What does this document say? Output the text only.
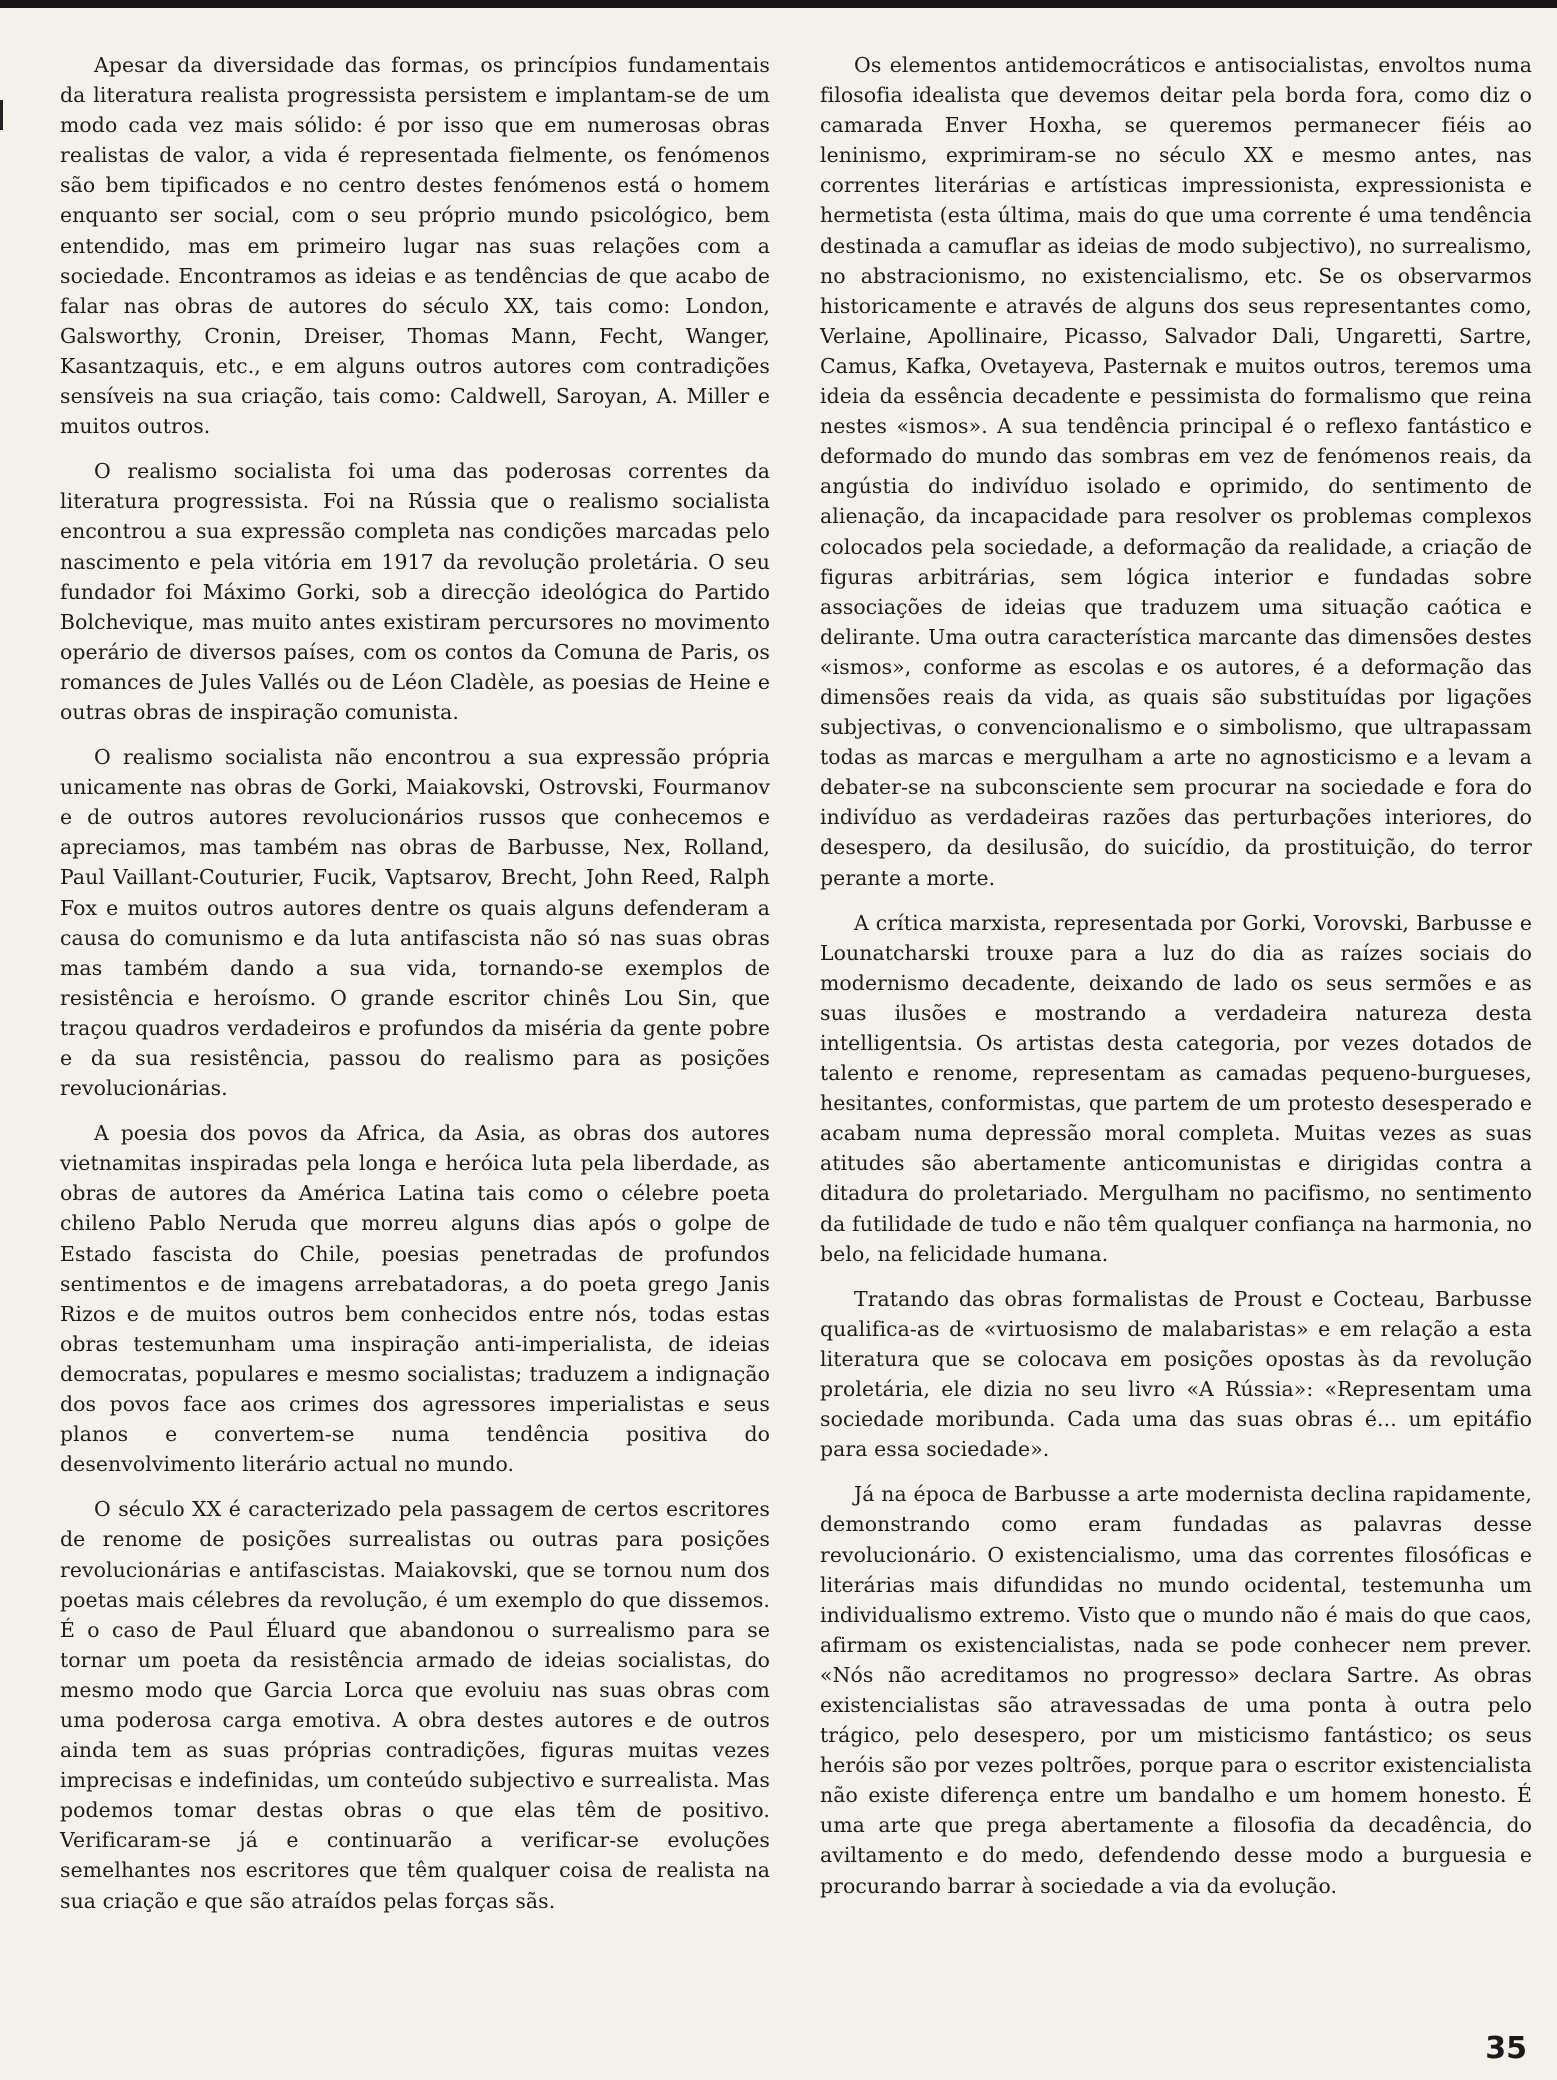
Apesar da diversidade das formas, os princípios fundamentais da literatura realista progressista persistem e implantam-se de um modo cada vez mais sólido: é por isso que em numerosas obras realistas de valor, a vida é representada fielmente, os fenómenos são bem tipificados e no centro destes fenómenos está o homem enquanto ser social, com o seu próprio mundo psicológico, bem entendido, mas em primeiro lugar nas suas relações com a sociedade. Encontramos as ideias e as tendências de que acabo de falar nas obras de autores do século XX, tais como: London, Galsworthy, Cronin, Dreiser, Thomas Mann, Fecht, Wanger, Kasantzaquis, etc., e em alguns outros autores com contradições sensíveis na sua criação, tais como: Caldwell, Saroyan, A. Miller e muitos outros.

O realismo socialista foi uma das poderosas correntes da literatura progressista. Foi na Rússia que o realismo socialista encontrou a sua expressão completa nas condições marcadas pelo nascimento e pela vitória em 1917 da revolução proletária. O seu fundador foi Máximo Gorki, sob a direcção ideológica do Partido Bolchevique, mas muito antes existiram percursores no movimento operário de diversos países, com os contos da Comuna de Paris, os romances de Jules Vallés ou de Léon Cladèle, as poesias de Heine e outras obras de inspiração comunista.

O realismo socialista não encontrou a sua expressão própria unicamente nas obras de Gorki, Maiakovski, Ostrovski, Fourmanov e de outros autores revolucionários russos que conhecemos e apreciamos, mas também nas obras de Barbusse, Nex, Rolland, Paul Vaillant-Couturier, Fucik, Vaptsarov, Brecht, John Reed, Ralph Fox e muitos outros autores dentre os quais alguns defenderam a causa do comunismo e da luta antifascista não só nas suas obras mas também dando a sua vida, tornando-se exemplos de resistência e heroísmo. O grande escritor chinês Lou Sin, que traçou quadros verdadeiros e profundos da miséria da gente pobre e da sua resistência, passou do realismo para as posições revolucionárias.

A poesia dos povos da Africa, da Asia, as obras dos autores vietnamitas inspiradas pela longa e heróica luta pela liberdade, as obras de autores da América Latina tais como o célebre poeta chileno Pablo Neruda que morreu alguns dias após o golpe de Estado fascista do Chile, poesias penetradas de profundos sentimentos e de imagens arrebatadoras, a do poeta grego Janis Rizos e de muitos outros bem conhecidos entre nós, todas estas obras testemunham uma inspiração anti-imperialista, de ideias democratas, populares e mesmo socialistas; traduzem a indignação dos povos face aos crimes dos agressores imperialistas e seus planos e convertem-se numa tendência positiva do desenvolvimento literário actual no mundo.

O século XX é caracterizado pela passagem de certos escritores de renome de posições surrealistas ou outras para posições revolucionárias e antifascistas. Maiakovski, que se tornou num dos poetas mais célebres da revolução, é um exemplo do que dissemos. É o caso de Paul Éluard que abandonou o surrealismo para se tornar um poeta da resistência armado de ideias socialistas, do mesmo modo que Garcia Lorca que evoluiu nas suas obras com uma poderosa carga emotiva. A obra destes autores e de outros ainda tem as suas próprias contradições, figuras muitas vezes imprecisas e indefinidas, um conteúdo subjectivo e surrealista. Mas podemos tomar destas obras o que elas têm de positivo. Verificaram-se já e continuarão a verificar-se evoluções semelhantes nos escritores que têm qualquer coisa de realista na sua criação e que são atraídos pelas forças sãs.

Os elementos antidemocráticos e antisocialistas, envoltos numa filosofia idealista que devemos deitar pela borda fora, como diz o camarada Enver Hoxha, se queremos permanecer fiéis ao leninismo, exprimiram-se no século XX e mesmo antes, nas correntes literárias e artísticas impressionista, expressionista e hermetista (esta última, mais do que uma corrente é uma tendência destinada a camuflar as ideias de modo subjectivo), no surrealismo, no abstracionismo, no existencialismo, etc. Se os observarmos historicamente e através de alguns dos seus representantes como, Verlaine, Apollinaire, Picasso, Salvador Dali, Ungaretti, Sartre, Camus, Kafka, Ovetayeva, Pasternak e muitos outros, teremos uma ideia da essência decadente e pessimista do formalismo que reina nestes «ismos». A sua tendência principal é o reflexo fantástico e deformado do mundo das sombras em vez de fenómenos reais, da angústia do indivíduo isolado e oprimido, do sentimento de alienação, da incapacidade para resolver os problemas complexos colocados pela sociedade, a deformação da realidade, a criação de figuras arbitrárias, sem lógica interior e fundadas sobre associações de ideias que traduzem uma situação caótica e delirante. Uma outra característica marcante das dimensões destes «ismos», conforme as escolas e os autores, é a deformação das dimensões reais da vida, as quais são substituídas por ligações subjectivas, o convencionalismo e o simbolismo, que ultrapassam todas as marcas e mergulham a arte no agnosticismo e a levam a debater-se na subconsciente sem procurar na sociedade e fora do indivíduo as verdadeiras razões das perturbações interiores, do desespero, da desilusão, do suicídio, da prostituição, do terror perante a morte.

A crítica marxista, representada por Gorki, Vorovski, Barbusse e Lounatcharski trouxe para a luz do dia as raízes sociais do modernismo decadente, deixando de lado os seus sermões e as suas ilusões e mostrando a verdadeira natureza desta intelligentsia. Os artistas desta categoria, por vezes dotados de talento e renome, representam as camadas pequeno-burgueses, hesitantes, conformistas, que partem de um protesto desesperado e acabam numa depressão moral completa. Muitas vezes as suas atitudes são abertamente anticomunistas e dirigidas contra a ditadura do proletariado. Mergulham no pacifismo, no sentimento da futilidade de tudo e não têm qualquer confiança na harmonia, no belo, na felicidade humana.

Tratando das obras formalistas de Proust e Cocteau, Barbusse qualifica-as de «virtuosismo de malabaristas» e em relação a esta literatura que se colocava em posições opostas às da revolução proletária, ele dizia no seu livro «A Rússia»: «Representam uma sociedade moribunda. Cada uma das suas obras é... um epitáfio para essa sociedade».

Já na época de Barbusse a arte modernista declina rapidamente, demonstrando como eram fundadas as palavras desse revolucionário. O existencialismo, uma das correntes filosóficas e literárias mais difundidas no mundo ocidental, testemunha um individualismo extremo. Visto que o mundo não é mais do que caos, afirmam os existencialistas, nada se pode conhecer nem prever. «Nós não acreditamos no progresso» declara Sartre. As obras existencialistas são atravessadas de uma ponta à outra pelo trágico, pelo desespero, por um misticismo fantástico; os seus heróis são por vezes poltrões, porque para o escritor existencialista não existe diferença entre um bandalho e um homem honesto. É uma arte que prega abertamente a filosofia da decadência, do aviltamento e do medo, defendendo desse modo a burguesia e procurando barrar à sociedade a via da evolução.

35
